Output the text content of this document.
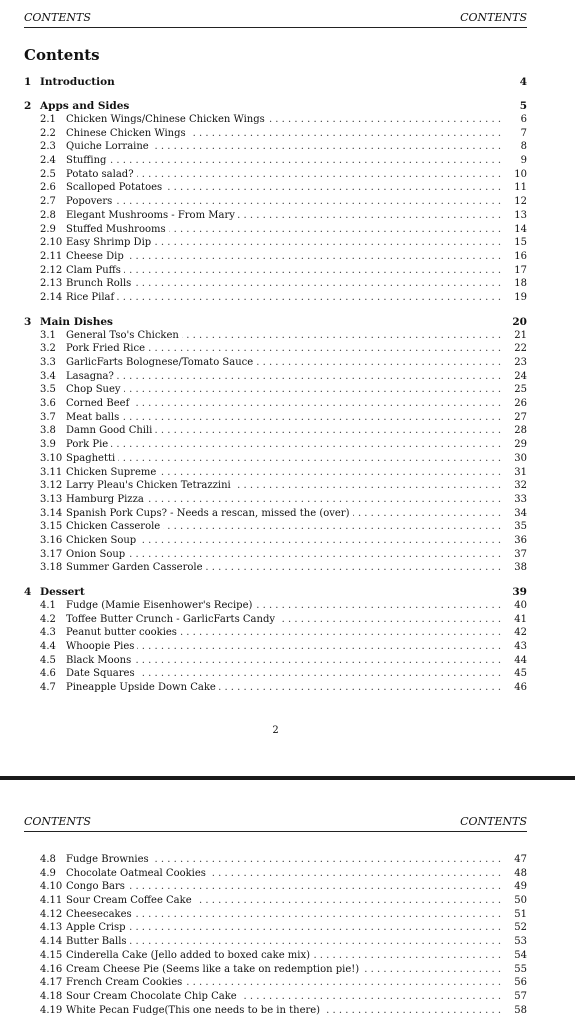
CONTENTS	CONTENTS
Contents
1 Introduction	4
2 Apps and Sides	5
2.1	Chicken Wings/Chinese Chicken Wings . . .	6
2.2	Chinese Chicken Wings . . .	7
2.3	Quiche Lorraine . . .	8
2.4	Stuffing . . .	9
2.5	Potato salad? . . .	10
2.6	Scalloped Potatoes . . .	11
2.7	Popovers . . .	12
2.8	Elegant Mushrooms - From Mary . . .	13
2.9	Stuffed Mushrooms . . .	14
2.10 Easy Shrimp Dip . . .	15
2.11 Cheese Dip . . .	16
2.12 Clam Puffs . . .	17
2.13 Brunch Rolls . . .	18
2.14 Rice Pilaf . . .	19
3 Main Dishes	20
3.1	General Tso's Chicken . . .	21
3.2	Pork Fried Rice . . .	22
3.3	GarlicFarts Bolognese/Tomato Sauce . . .	23
3.4	Lasagna? . . .	24
3.5	Chop Suey . . .	25
3.6	Corned Beef . . .	26
3.7	Meat balls . . .	27
3.8	Damn Good Chili . . .	28
3.9	Pork Pie . . .	29
3.10 Spaghetti . . .	30
3.11 Chicken Supreme . . .	31
3.12 Larry Pleau's Chicken Tetrazzini . . .	32
3.13 Hamburg Pizza . . .	33
3.14 Spanish Pork Cups? - Needs a rescan, missed the (over) . . .	34
3.15 Chicken Casserole . . .	35
3.16 Chicken Soup . . .	36
3.17 Onion Soup . . .	37
3.18 Summer Garden Casserole . . .	38
4 Dessert	39
4.1	Fudge (Mamie Eisenhower's Recipe) . . .	40
4.2	Toffee Butter Crunch - GarlicFarts Candy . . .	41
4.3	Peanut butter cookies . . .	42
4.4	Whoopie Pies . . .	43
4.5	Black Moons . . .	44
4.6	Date Squares . . .	45
4.7	Pineapple Upside Down Cake . . .	46
2
CONTENTS	CONTENTS
4.8	Fudge Brownies . . .	47
4.9	Chocolate Oatmeal Cookies . . .	48
4.10 Congo Bars . . .	49
4.11 Sour Cream Coffee Cake . . .	50
4.12 Cheesecakes . . .	51
4.13 Apple Crisp . . .	52
4.14 Butter Balls . . .	53
4.15 Cinderella Cake (Jello added to boxed cake mix) . . .	54
4.16 Cream Cheese Pie (Seems like a take on redemption pie!) . . .	55
4.17 French Cream Cookies . . .	56
4.18 Sour Cream Chocolate Chip Cake . . .	57
4.19 White Pecan Fudge(This one needs to be in there) . . .	58
